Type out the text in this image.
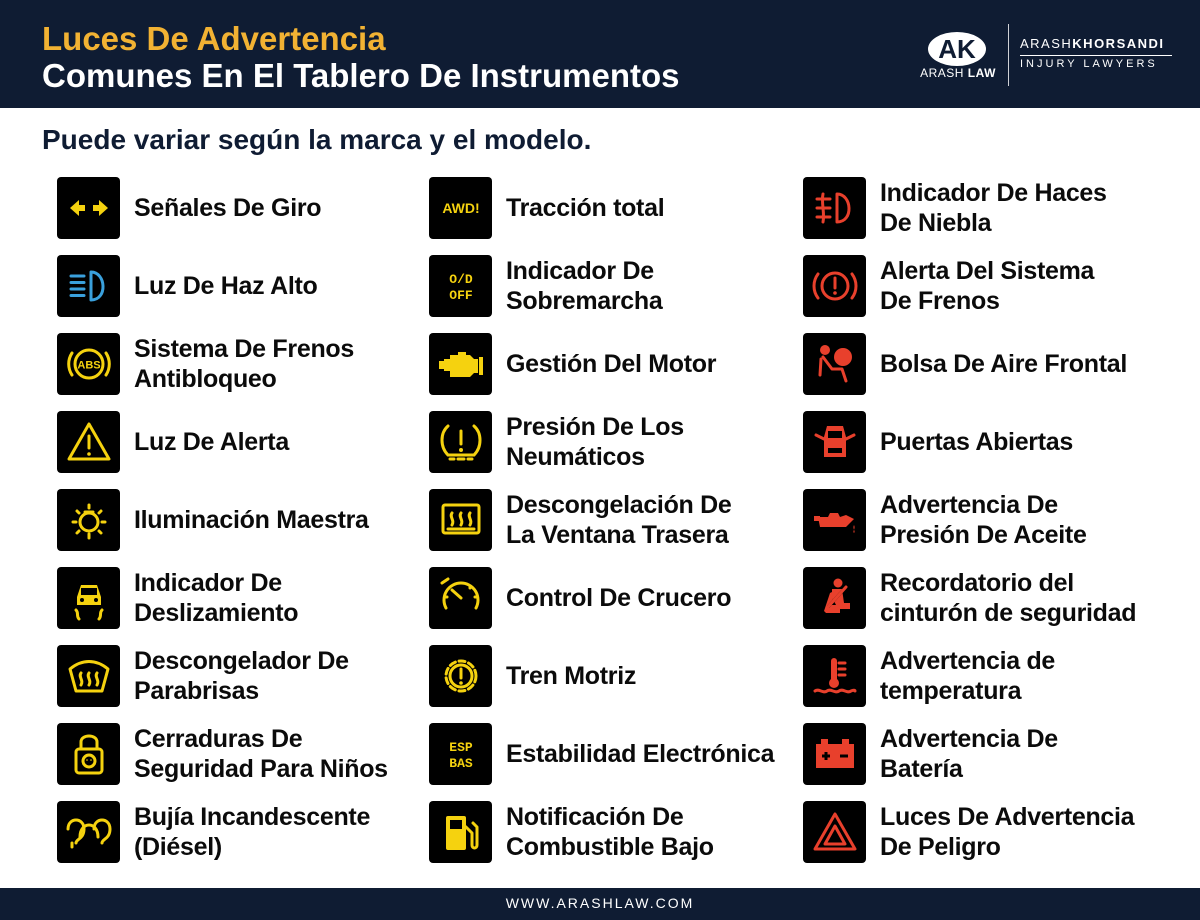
Luces De Advertencia
Comunes En El Tablero De Instrumentos
AK
ARASH LAW
ARASHKHORSANDI
INJURY LAWYERS
Puede variar según la marca y el modelo.
Señales De Giro
Luz De Haz Alto
ABS
Sistema De Frenos
Antibloqueo
Luz De Alerta
Iluminación Maestra
Indicador De
Deslizamiento
Descongelador De
Parabrisas
Cerraduras De
Seguridad Para Niños
Bujía Incandescente
(Diésel)
AWD! Tracción total
O/D
OFF
Indicador De
Sobremarcha
Gestión Del Motor
Presión De Los
Neumáticos
Descongelación De
La Ventana Trasera
Control De Crucero
Tren Motriz
ESP
BAS Estabilidad Electrónica
Notificación De
Combustible Bajo
Indicador De Haces
De Niebla
Alerta Del Sistema
De Frenos
Bolsa De Aire Frontal
Puertas Abiertas
Advertencia De
Presión De Aceite
Recordatorio del
cinturón de seguridad
Advertencia de
temperatura
Advertencia De
Batería
Luces De Advertencia
De Peligro
WWW.ARASHLAW.COM
